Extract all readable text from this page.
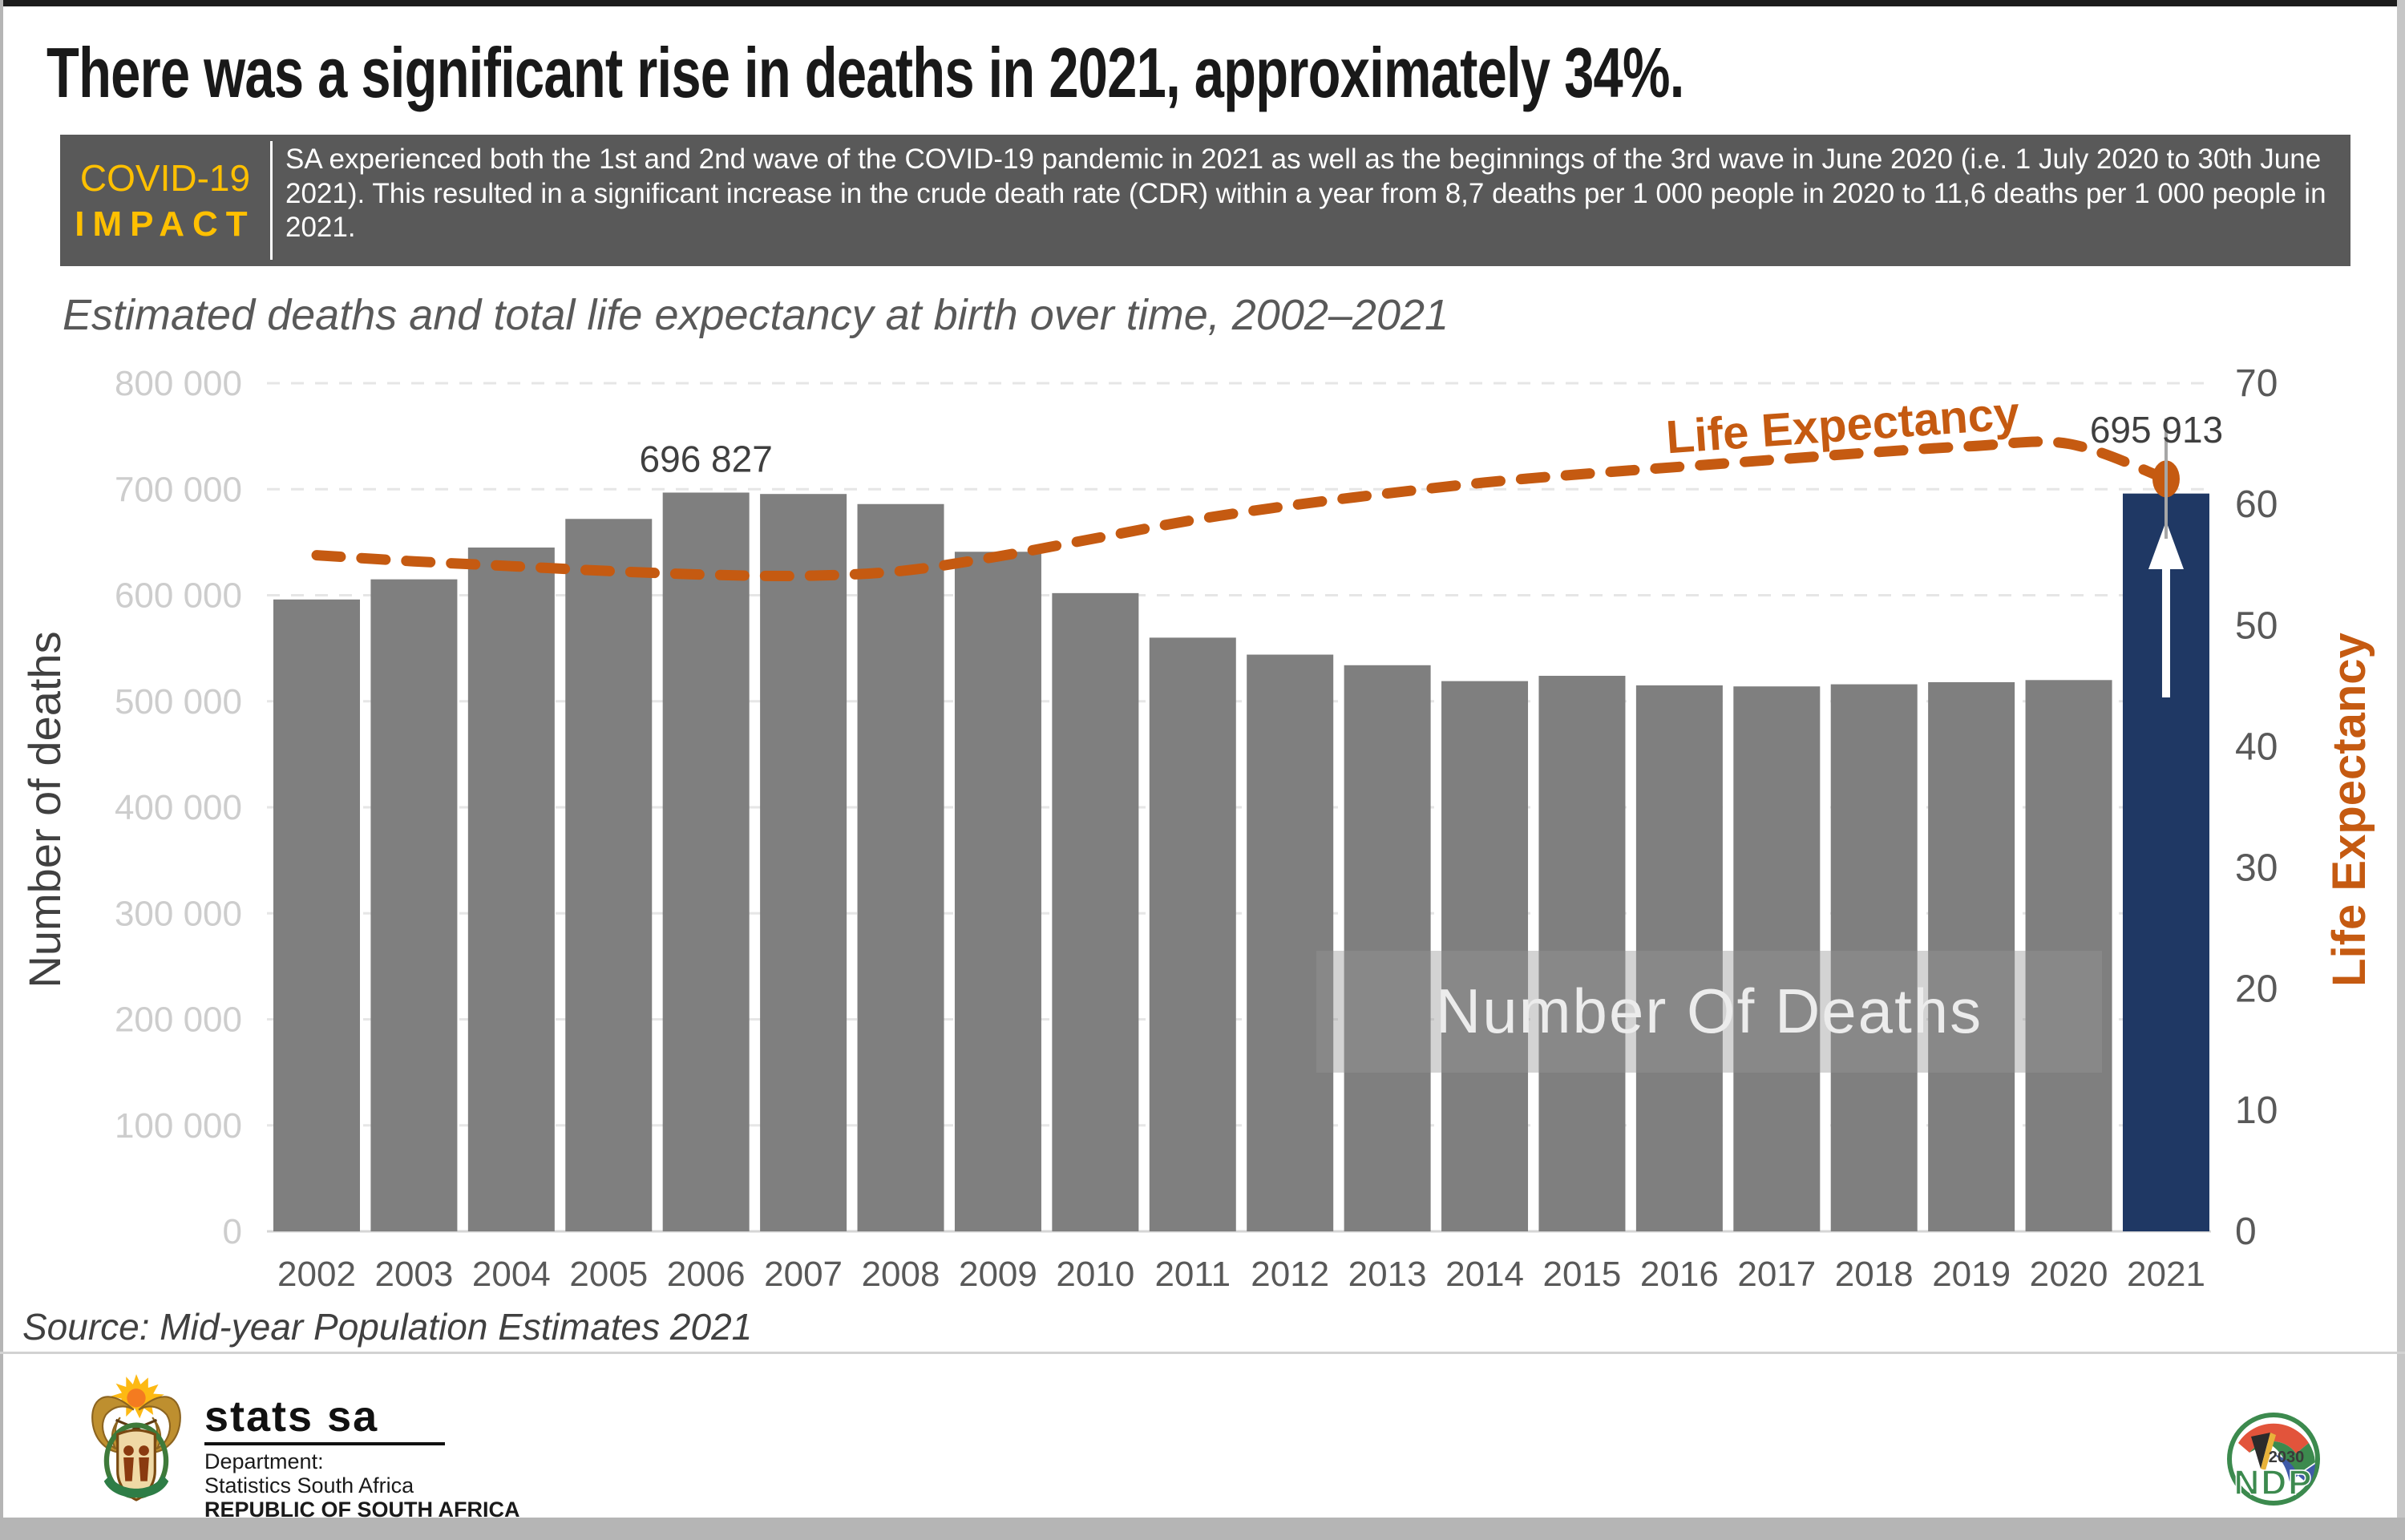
There was a significant rise in deaths in 2021, approximately 34%.
COVID-19
IMPACT
SA experienced both the 1st and 2nd wave of the COVID-19 pandemic in 2021 as well as the beginnings of the 3rd wave in June 2020 (i.e. 1 July 2020 to 30th June 2021). This resulted in a significant increase in the crude death rate (CDR) within a year from 8,7 deaths per 1 000 people in 2020 to 11,6 deaths per 1 000 people in 2021.
Estimated deaths and total life expectancy at birth over time, 2002–2021
2002 2003 2004 2005 2006 2007 2008 2009 2010 2011 2012 2013 2014 2015 2016 2017 2018 2019 2020 2021
Number Of Deaths
800 000
700 000
600 000
500 000
400 000
300 000
200 000
100 000
0
70
60
50
40
30
20
10
0
Number of deaths	Life Expectancy
Life Expectancy
696 827
695 913
Source: Mid-year Population Estimates 2021
stats sa
Department:
Statistics South Africa
REPUBLIC OF SOUTH AFRICA
2030
NDP
